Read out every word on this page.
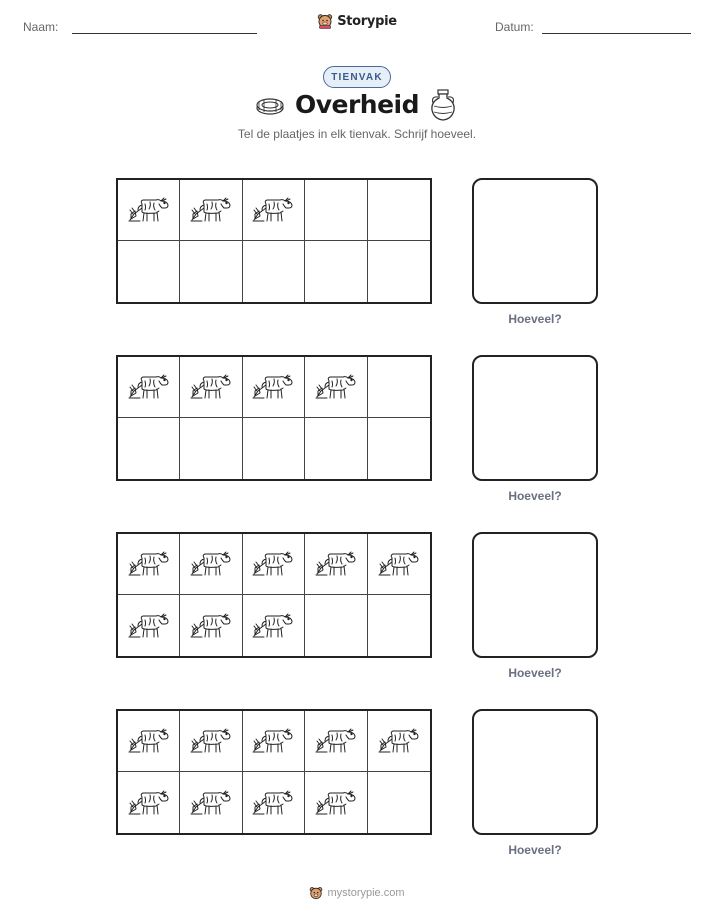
Naam:	Datum:
Storypie
TIENVAK
Overheid
Tel de plaatjes in elk tienvak. Schrijf hoeveel.
Hoeveel?
Hoeveel?
Hoeveel?
Hoeveel?
mystorypie.com
